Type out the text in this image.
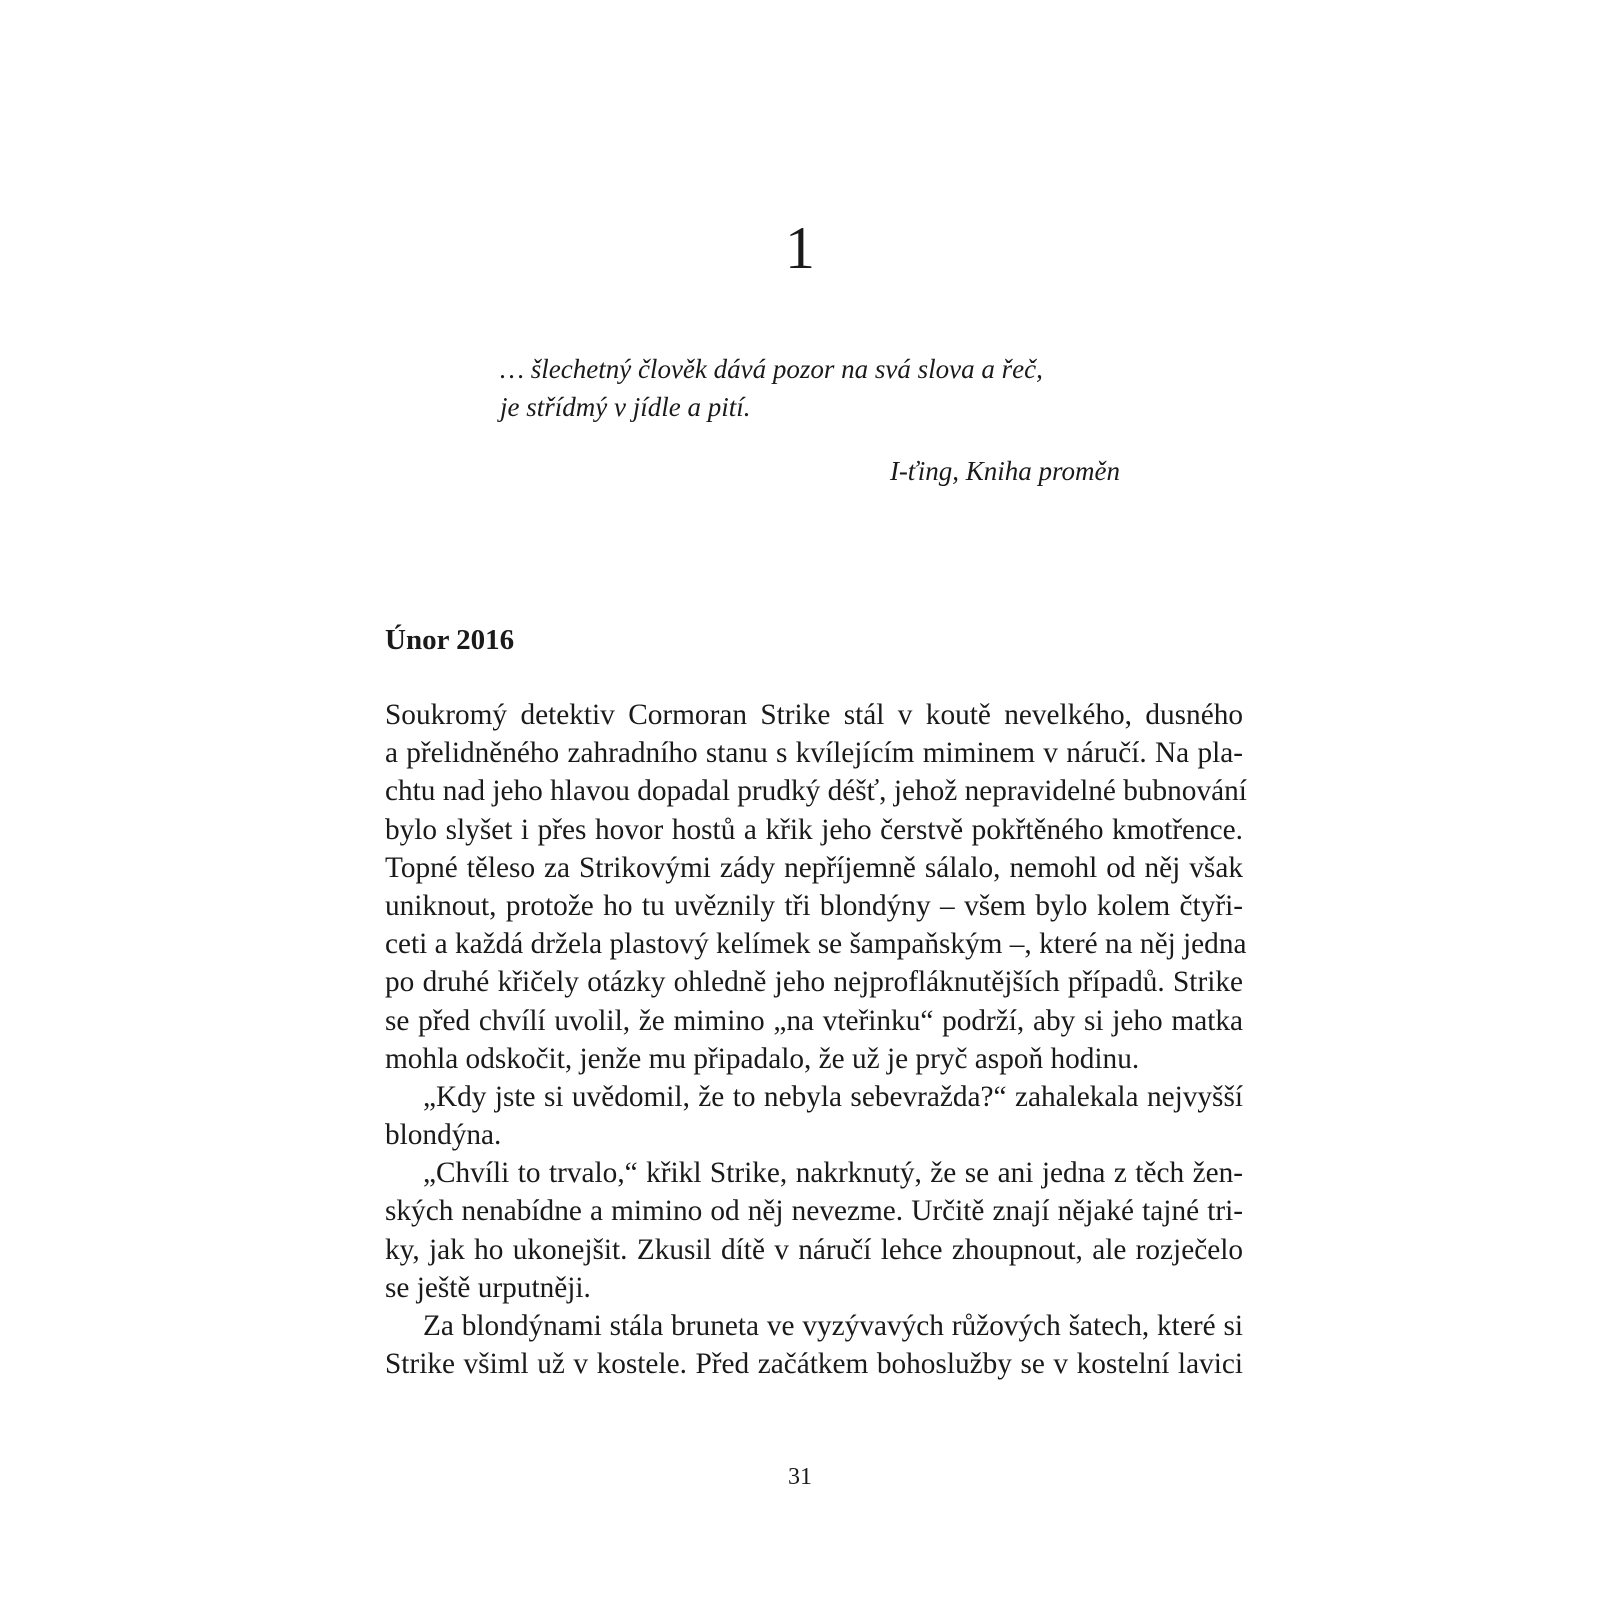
1
… šlechetný člověk dává pozor na svá slova a řeč,
je střídmý v jídle a pití.
I-ťing, Kniha proměn
Únor 2016
Soukromý detektiv Cormoran Strike stál v koutě nevelkého, dusného
a přelidněného zahradního stanu s kvílejícím miminem v náručí. Na pla-
chtu nad jeho hlavou dopadal prudký déšť, jehož nepravidelné bubnování
bylo slyšet i přes hovor hostů a křik jeho čerstvě pokřtěného kmotřence.
Topné těleso za Strikovými zády nepříjemně sálalo, nemohl od něj však
uniknout, protože ho tu uvěznily tři blondýny – všem bylo kolem čtyři-
ceti a každá držela plastový kelímek se šampaňským –, které na něj jedna
po druhé křičely otázky ohledně jeho nejprofláknutějších případů. Strike
se před chvílí uvolil, že mimino „na vteřinku“ podrží, aby si jeho matka
mohla odskočit, jenže mu připadalo, že už je pryč aspoň hodinu.
„Kdy jste si uvědomil, že to nebyla sebevražda?“ zahalekala nejvyšší
blondýna.
„Chvíli to trvalo,“ křikl Strike, nakrknutý, že se ani jedna z těch žen-
ských nenabídne a mimino od něj nevezme. Určitě znají nějaké tajné tri-
ky, jak ho ukonejšit. Zkusil dítě v náručí lehce zhoupnout, ale rozječelo
se ještě urputněji.
Za blondýnami stála bruneta ve vyzývavých růžových šatech, které si
Strike všiml už v kostele. Před začátkem bohoslužby se v kostelní lavici
31
